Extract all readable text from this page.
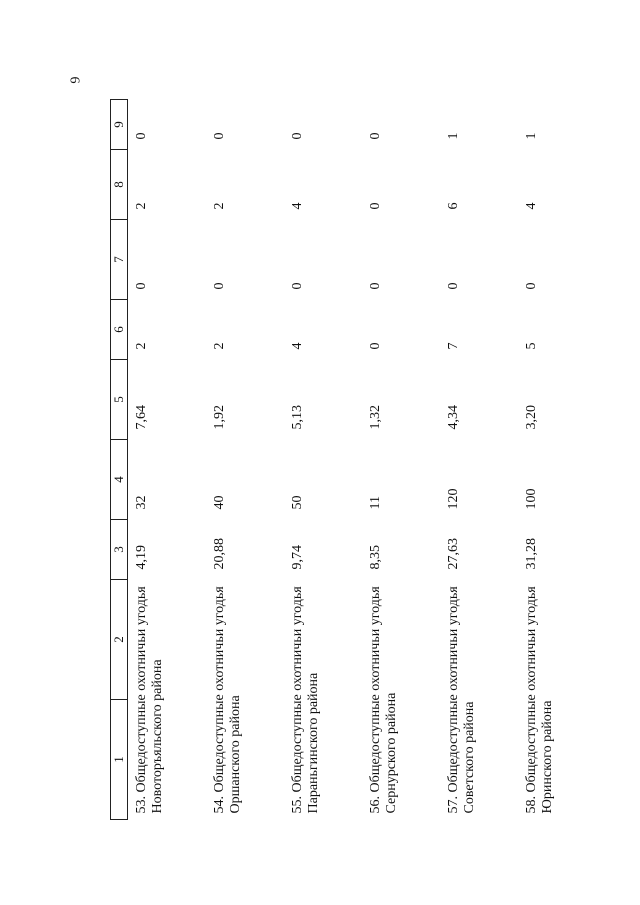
6
1	2	3	4	5	6	7	8	9
53. Общедоступные охотничьи угодья Новоторъяльского района		4,19	32	7,64	2	0	2	0
54. Общедоступные охотничьи угодья Оршанского района		20,88	40	1,92	2	0	2	0
55. Общедоступные охотничьи угодья Параньгинского района		9,74	50	5,13	4	0	4	0
56. Общедоступные охотничьи угодья Сернурского района		8,35	11	1,32	0	0	0	0
57. Общедоступные охотничьи угодья Советского района		27,63	120	4,34	7	0	6	1
58. Общедоступные охотничьи угодья Юринского района		31,28	100	3,20	5	0	4	1
